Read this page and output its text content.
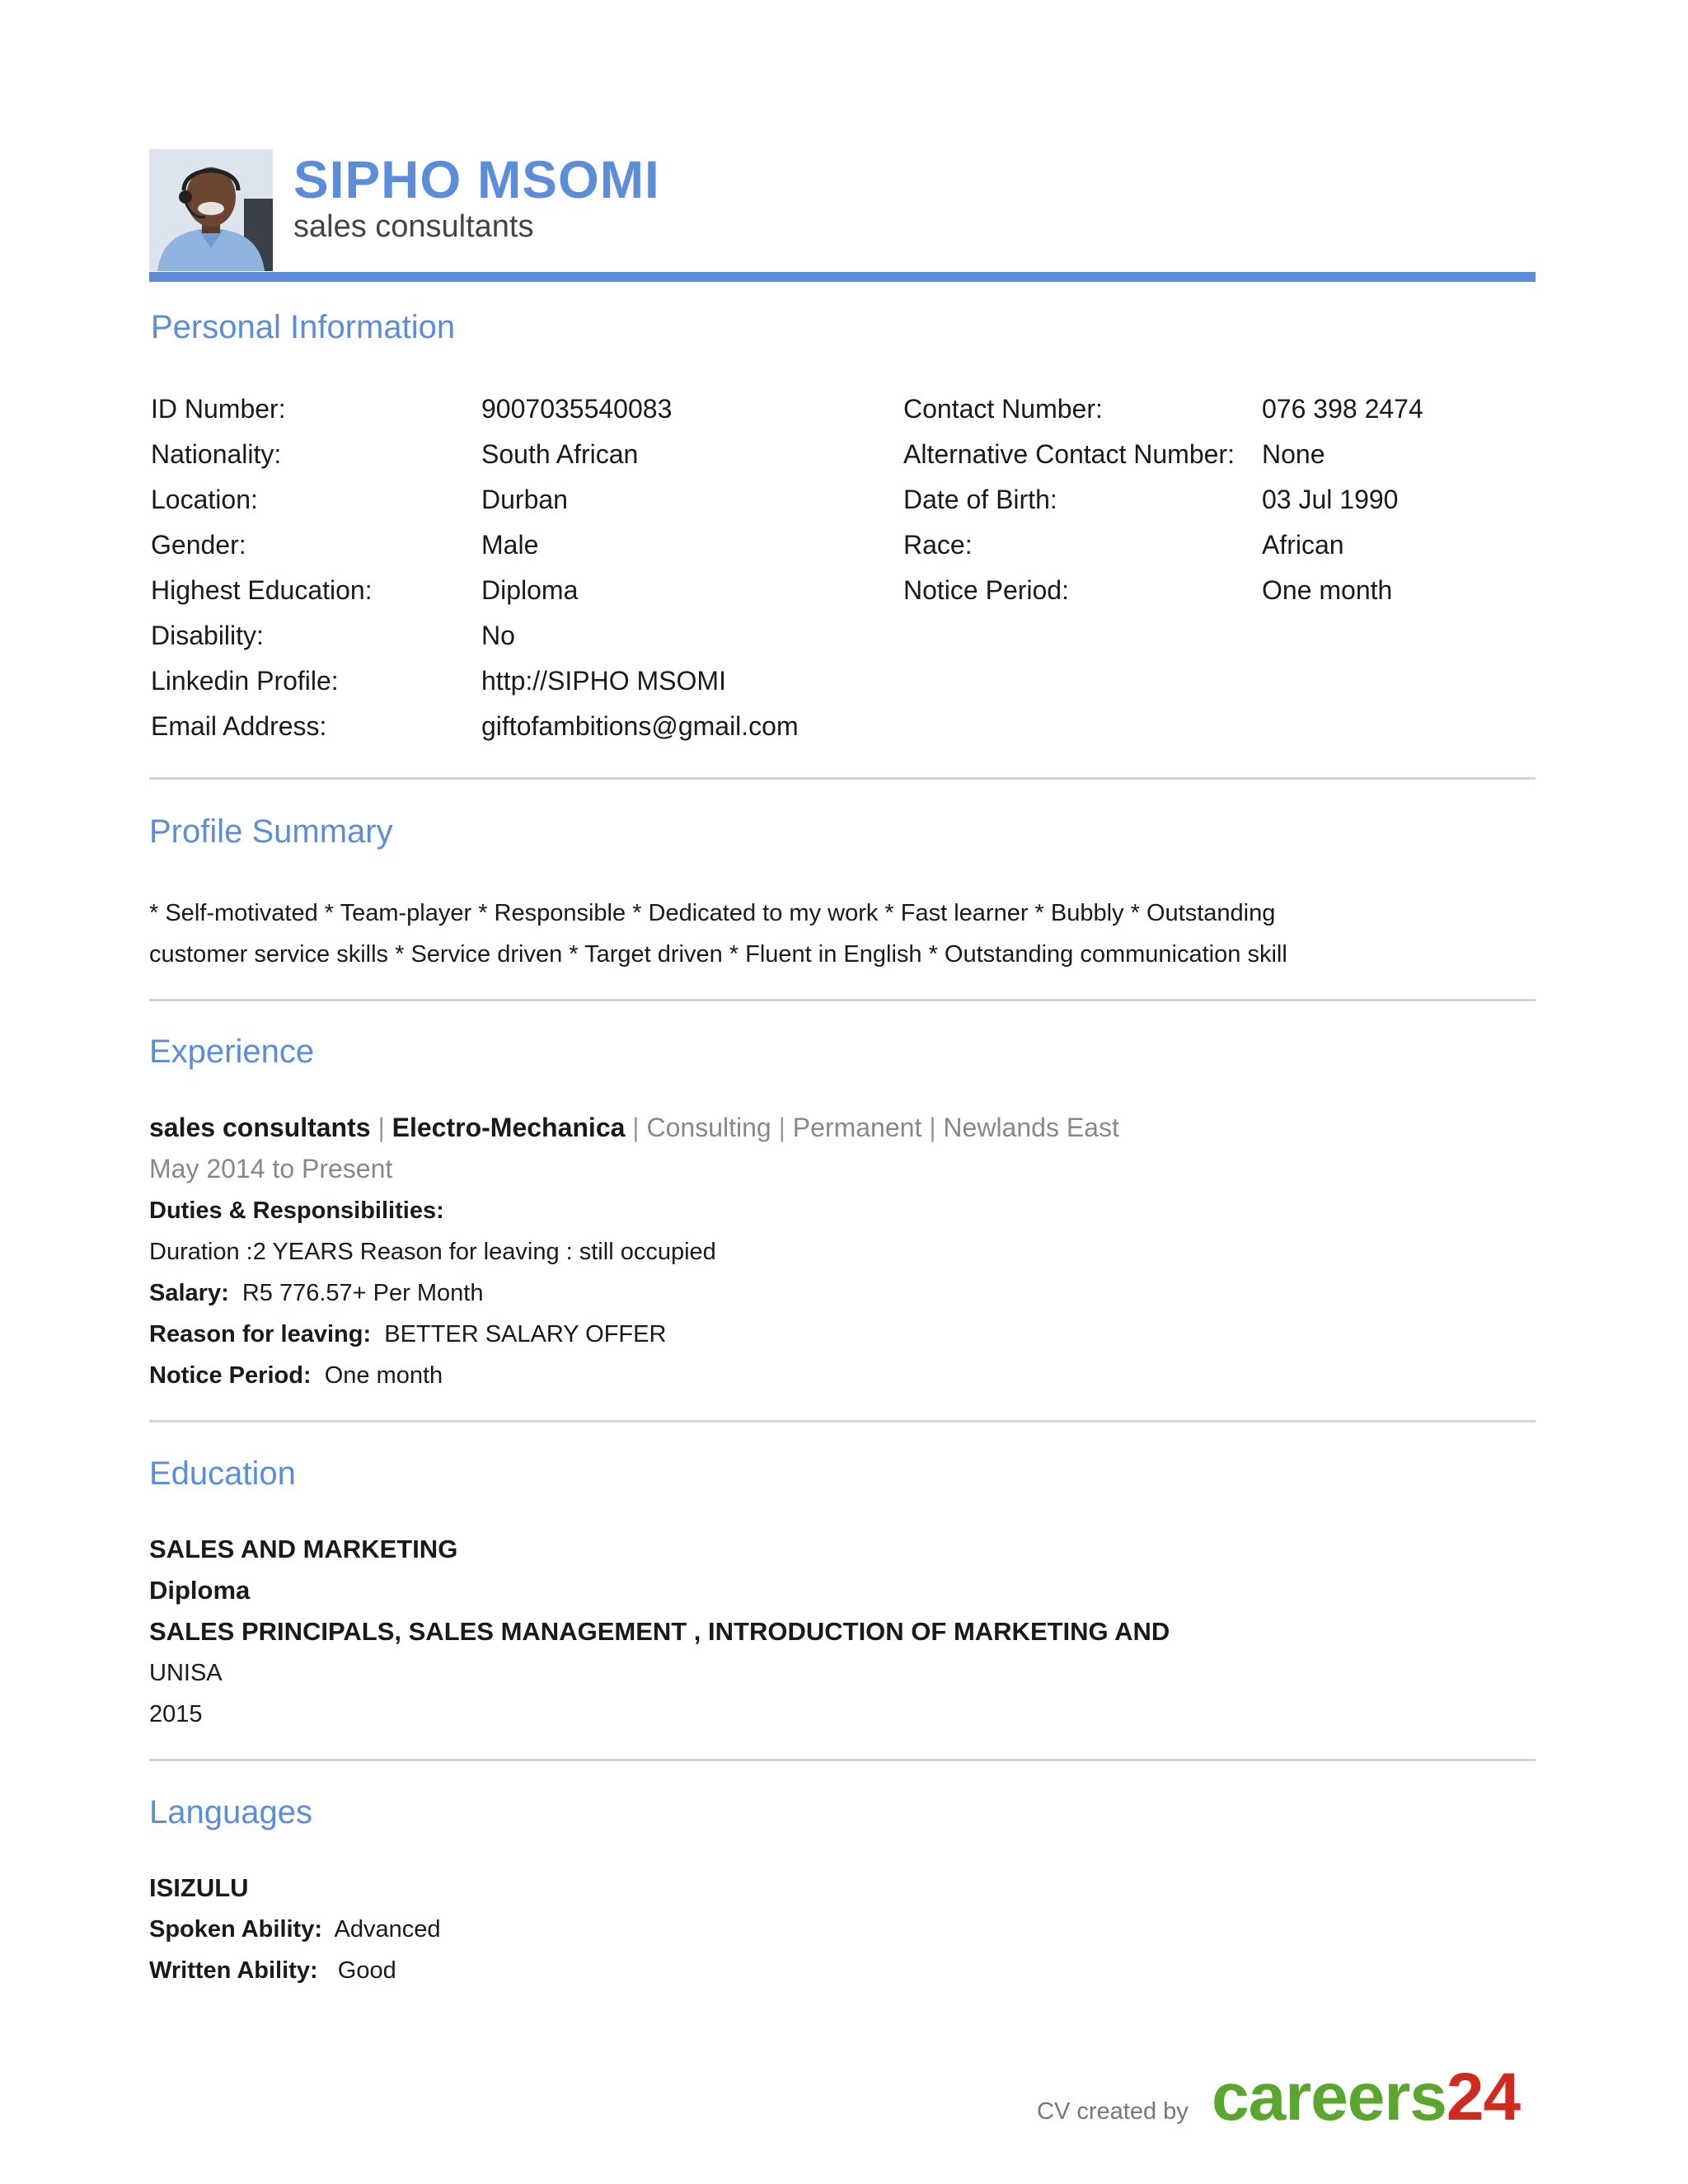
SIPHO MSOMI
sales consultants
Personal Information
ID Number:	9007035540083
Nationality:	South African
Location:	Durban
Gender:	Male
Highest Education:	Diploma
Disability:	No
Linkedin Profile:	http://SIPHO MSOMI
Email Address:	giftofambitions@gmail.com
Contact Number:	076 398 2474
Alternative Contact Number: None
Date of Birth:	03 Jul 1990
Race:	African
Notice Period:	One month
Profile Summary
* Self-motivated * Team-player * Responsible * Dedicated to my work * Fast learner * Bubbly * Outstanding
customer service skills * Service driven * Target driven * Fluent in English * Outstanding communication skill
Experience
sales consultants | Electro-Mechanica | Consulting | Permanent | Newlands East
May 2014 to Present
Duties & Responsibilities:
Duration :2 YEARS Reason for leaving : still occupied
Salary: R5 776.57+ Per Month
Reason for leaving: BETTER SALARY OFFER
Notice Period: One month
Education
SALES AND MARKETING
Diploma
SALES PRINCIPALS, SALES MANAGEMENT , INTRODUCTION OF MARKETING AND
UNISA
2015
Languages
ISIZULU
Spoken Ability: Advanced
Written Ability: Good
CV created by careers24
